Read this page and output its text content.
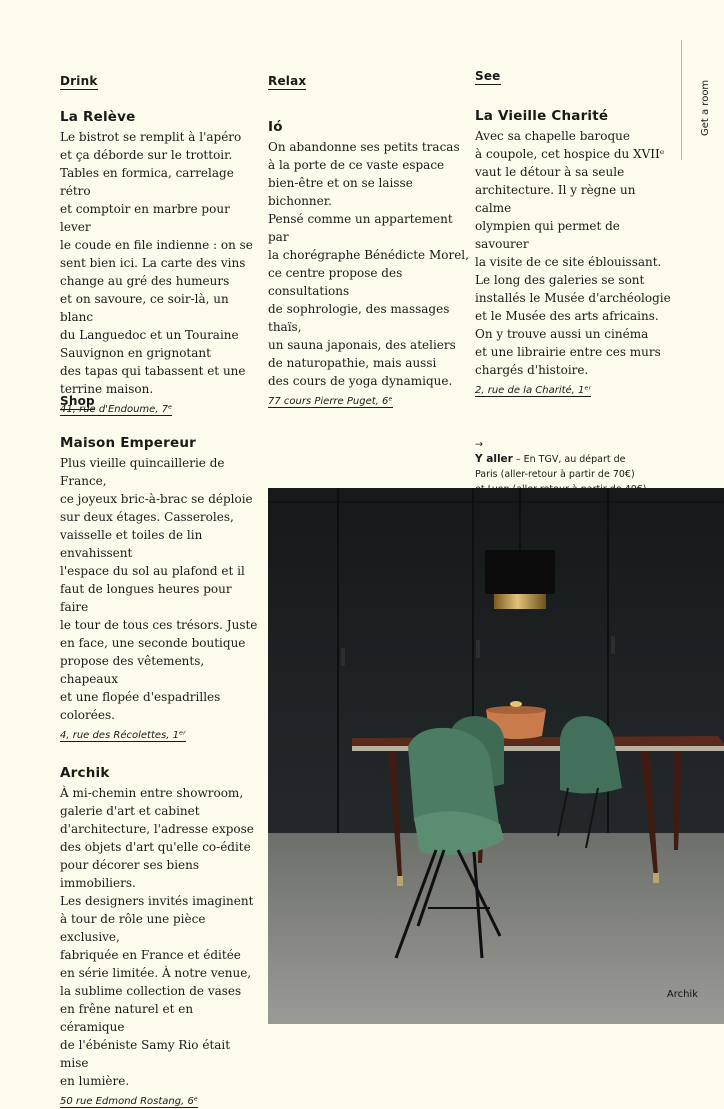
Drink
La Relève

Le bistrot se remplit à l'apéro
et ça déborde sur le trottoir.
Tables en formica, carrelage rétro
et comptoir en marbre pour lever
le coude en file indienne : on se
sent bien ici. La carte des vins
change au gré des humeurs
et on savoure, ce soir-là, un blanc
du Languedoc et un Touraine
Sauvignon en grignotant
des tapas qui tabassent et une
terrine maison.

41, rue d'Endoume, 7ᵉ
Shop
Maison Empereur

Plus vieille quincaillerie de France,
ce joyeux bric-à-brac se déploie
sur deux étages. Casseroles,
vaisselle et toiles de lin envahissent
l'espace du sol au plafond et il
faut de longues heures pour faire
le tour de tous ces trésors. Juste
en face, une seconde boutique
propose des vêtements, chapeaux
et une flopée d'espadrilles colorées.

4, rue des Récolettes, 1ᵉʳ
Archik

À mi-chemin entre showroom,
galerie d'art et cabinet
d'architecture, l'adresse expose
des objets d'art qu'elle co-édite
pour décorer ses biens immobiliers.
Les designers invités imaginent
à tour de rôle une pièce exclusive,
fabriquée en France et éditée
en série limitée. À notre venue,
la sublime collection de vases
en frêne naturel et en céramique
de l'ébéniste Samy Rio était mise
en lumière.

50 rue Edmond Rostang, 6ᵉ
Relax
Ió

On abandonne ses petits tracas
à la porte de ce vaste espace
bien-être et on se laisse bichonner.
Pensé comme un appartement par
la chorégraphe Bénédicte Morel,
ce centre propose des consultations
de sophrologie, des massages thaïs,
un sauna japonais, des ateliers
de naturopathie, mais aussi
des cours de yoga dynamique.

77 cours Pierre Puget, 6ᵉ
See
La Vieille Charité

Avec sa chapelle baroque
à coupole, cet hospice du XVIIᵉ
vaut le détour à sa seule
architecture. Il y règne un calme
olympien qui permet de savourer
la visite de ce site éblouissant.
Le long des galeries se sont
installés le Musée d'archéologie
et le Musée des arts africains.
On y trouve aussi un cinéma
et une librairie entre ces murs
chargés d'histoire.

2, rue de la Charité, 1ᵉʳ

→
Y aller – En TGV, au départ de
Paris (aller-retour à partir de 70€)

Get a room
Archik
